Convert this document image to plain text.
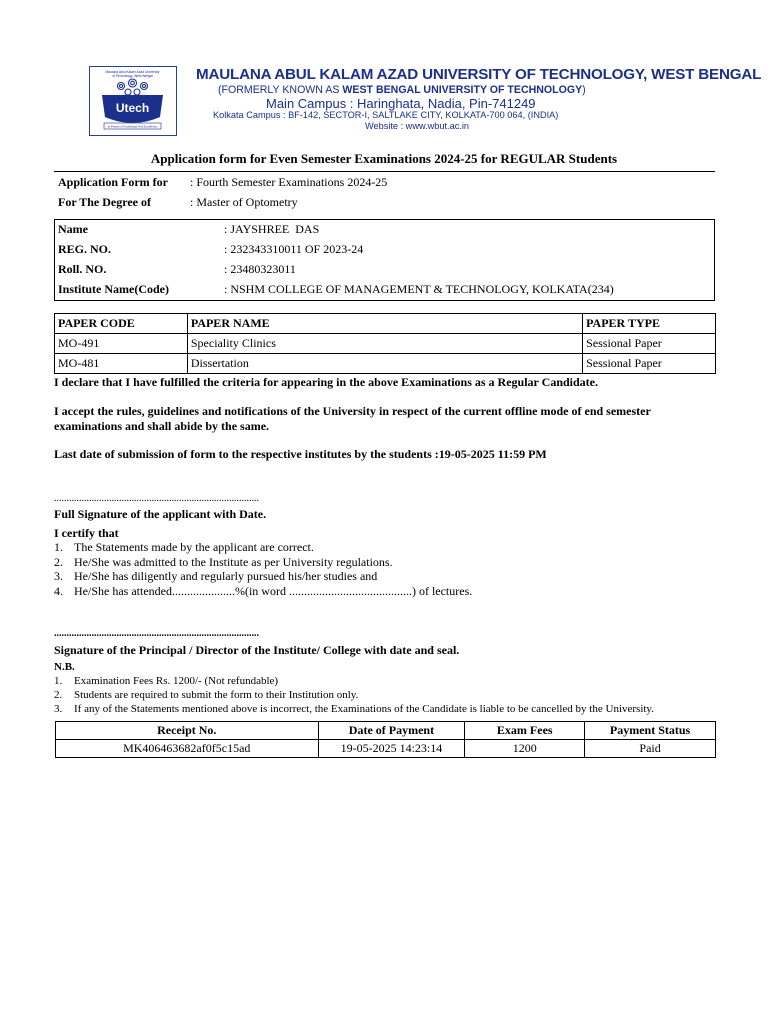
Maulana Abul Kalam Azad University
of Technology, West Bengal
Utech
In Pursuit of Knowledge And Excellence
MAULANA ABUL KALAM AZAD UNIVERSITY OF TECHNOLOGY, WEST BENGAL
(FORMERLY KNOWN AS WEST BENGAL UNIVERSITY OF TECHNOLOGY)
Main Campus : Haringhata, Nadia, Pin-741249
Kolkata Campus : BF-142, SECTOR-I, SALTLAKE CITY, KOLKATA-700 064, (INDIA)
Website : www.wbut.ac.in
Application form for Even Semester Examinations 2024-25 for REGULAR Students
Application Form for : Fourth Semester Examinations 2024-25
For The Degree of	: Master of Optometry
Name	: JAYSHREE  DAS
REG. NO.	: 232343310011 OF 2023-24
Roll. NO.	: 23480323011
Institute Name(Code)	: NSHM COLLEGE OF MANAGEMENT & TECHNOLOGY, KOLKATA(234)
PAPER CODE	PAPER NAME	PAPER TYPE
MO-491	Speciality Clinics	Sessional Paper
MO-481	Dissertation	Sessional Paper
I declare that I have fulfilled the criteria for appearing in the above Examinations as a Regular Candidate.
I accept the rules, guidelines and notifications of the University in respect of the current offline mode of end semester
examinations and shall abide by the same.
Last date of submission of form to the respective institutes by the students :19-05-2025 11:59 PM
..................................................................................
Full Signature of the applicant with Date.
I certify that
1. The Statements made by the applicant are correct.
2. He/She was admitted to the Institute as per University regulations.
3. He/She has diligently and regularly pursued his/her studies and
4. He/She has attended.....................%(in word .........................................) of lectures.
..................................................................................
Signature of the Principal / Director of the Institute/ College with date and seal.
N.B.
1. Examination Fees Rs. 1200/- (Not refundable)
2. Students are required to submit the form to their Institution only.
3. If any of the Statements mentioned above is incorrect, the Examinations of the Candidate is liable to be cancelled by the University.
Receipt No.	Date of Payment	Exam Fees	Payment Status
MK406463682af0f5c15ad	19-05-2025 14:23:14	1200	Paid
